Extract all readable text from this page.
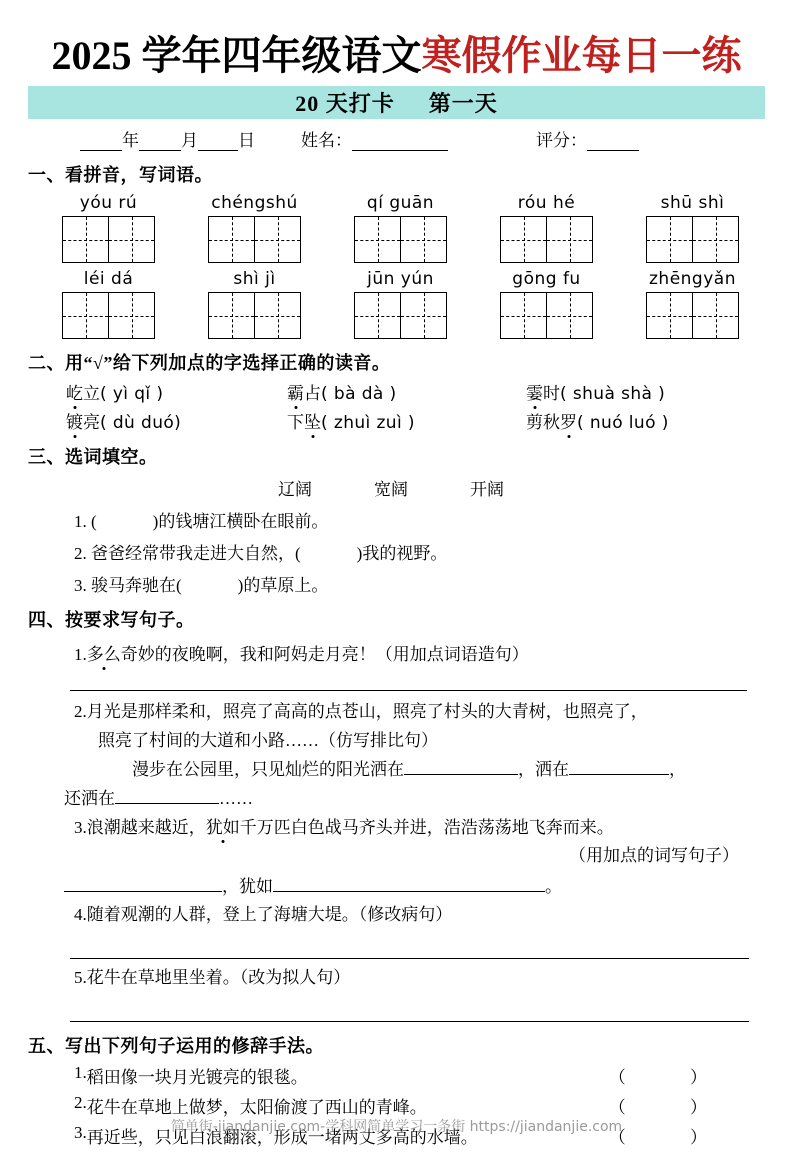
2025 学年四年级语文寒假作业每日一练
20 天打卡 第一天
年 月 日	姓名：	评分：
一、看拼音，写词语。
yóu rú	chéngshú	qí guān	róu hé	shū shì
léi dá	shì jì	jūn yún	gōng fu	zhēngyǎn
二、用“√”给下列加点的字选择正确的读音。
屹立( yì qǐ )	霸占( bà dà )	霎时( shuà shà )
镀亮( dù duó)	下坠( zhuì zuì )	剪秋罗( nuó luó )
三、选词填空。
辽阔	宽阔	开阔
1. (	)的钱塘江横卧在眼前。
2. 爸爸经常带我走进大自然，(	)我的视野。
3. 骏马奔驰在(	)的草原上。
四、按要求写句子。
1.多么奇妙的夜晚啊，我和阿妈走月亮！（用加点词语造句）
2.月光是那样柔和，照亮了高高的点苍山，照亮了村头的大青树，也照亮了，
照亮了村间的大道和小路……（仿写排比句）
漫步在公园里，只见灿烂的阳光洒在	，洒在	，
还洒在	……
3.浪潮越来越近，犹如千万匹白色战马齐头并进，浩浩荡荡地飞奔而来。
（用加点的词写句子）
，犹如	。
4.随着观潮的人群，登上了海塘大堤。（修改病句）
5.花牛在草地里坐着。（改为拟人句）
五、写出下列句子运用的修辞手法。
1. 稻田像一块月光镀亮的银毯。	（ ）
2. 花牛在草地上做梦，太阳偷渡了西山的青峰。	（ ）
3. 再近些，只见白浪翻滚，形成一堵两丈多高的水墙。	（ ）
简单街-jiandanjie.com-学科网简单学习一条街 https://jiandanjie.com
